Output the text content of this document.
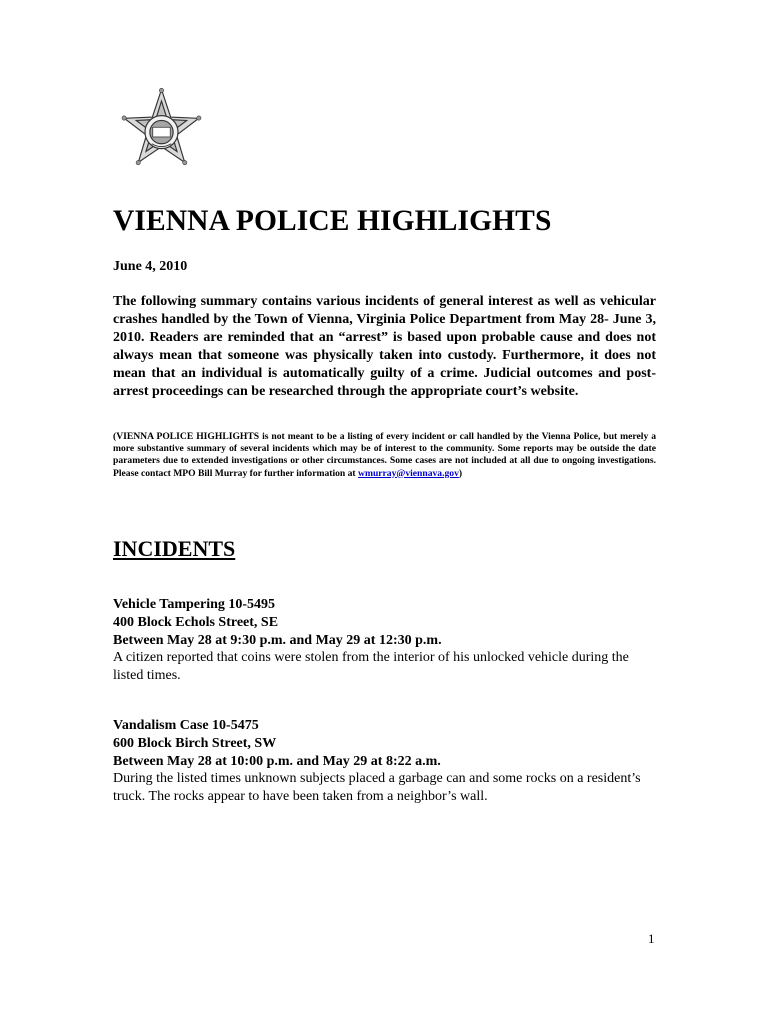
VIENNA POLICE HIGHLIGHTS
June 4, 2010

The following summary contains various incidents of general interest as well as vehicular crashes handled by the Town of Vienna, Virginia Police Department from May 28- June 3, 2010. Readers are reminded that an “arrest” is based upon probable cause and does not always mean that someone was physically taken into custody. Furthermore, it does not mean that an individual is automatically guilty of a crime. Judicial outcomes and post- arrest proceedings can be researched through the appropriate court’s website.

(VIENNA POLICE HIGHLIGHTS is not meant to be a listing of every incident or call handled by the Vienna Police, but merely a more substantive summary of several incidents which may be of interest to the community. Some reports may be outside the date parameters due to extended investigations or other circumstances. Some cases are not included at all due to ongoing investigations. Please contact MPO Bill Murray for further information at wmurray@viennava.gov)

INCIDENTS
Vehicle Tampering 10-5495
400 Block Echols Street, SE
Between May 28 at 9:30 p.m. and May 29 at 12:30 p.m.
A citizen reported that coins were stolen from the interior of his unlocked vehicle during the listed times.
Vandalism Case 10-5475
600 Block Birch Street, SW
Between May 28 at 10:00 p.m. and May 29 at 8:22 a.m.
During the listed times unknown subjects placed a garbage can and some rocks on a resident’s truck. The rocks appear to have been taken from a neighbor’s wall.
1
